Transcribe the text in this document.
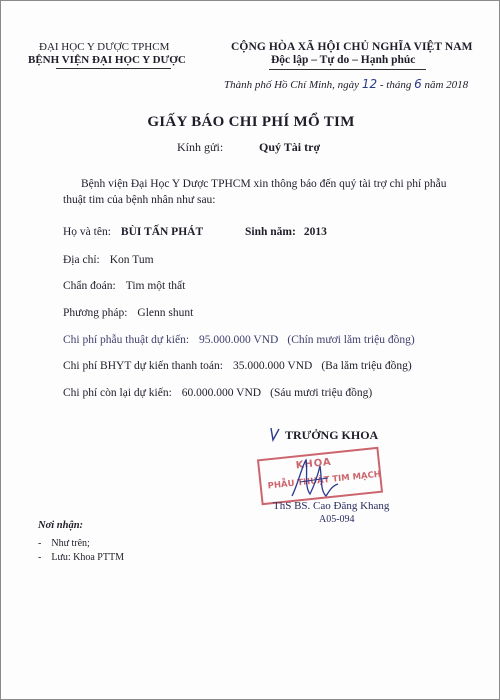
ĐẠI HỌC Y DƯỢC TPHCM
BỆNH VIỆN ĐẠI HỌC Y DƯỢC
CỘNG HÒA XÃ HỘI CHỦ NGHĨA VIỆT NAM
Độc lập – Tự do – Hạnh phúc
Thành phố Hồ Chí Minh, ngày 12 - tháng 6 năm 2018
GIẤY BÁO CHI PHÍ MỔ TIM
Kính gửi:	Quý Tài trợ
Bệnh viện Đại Học Y Dược TPHCM xin thông báo đến quý tài trợ chi phí phẫu
thuật tim của bệnh nhân như sau:
Họ và tên: BÙI TẤN PHÁT	Sinh năm: 2013
Địa chỉ: Kon Tum
Chẩn đoán: Tim một thất
Phương pháp: Glenn shunt
Chi phí phẫu thuật dự kiến: 95.000.000 VND (Chín mươi lăm triệu đồng)
Chi phí BHYT dự kiến thanh toán: 35.000.000 VND (Ba lăm triệu đồng)
Chi phí còn lại dự kiến: 60.000.000 VND (Sáu mươi triệu đồng)
TRƯỞNG KHOA
KHOA
PHẪU THUẬT TIM MẠCH
ThS BS. Cao Đăng Khang
A05-094
Nơi nhận:
-    Như trên;
-    Lưu: Khoa PTTM
